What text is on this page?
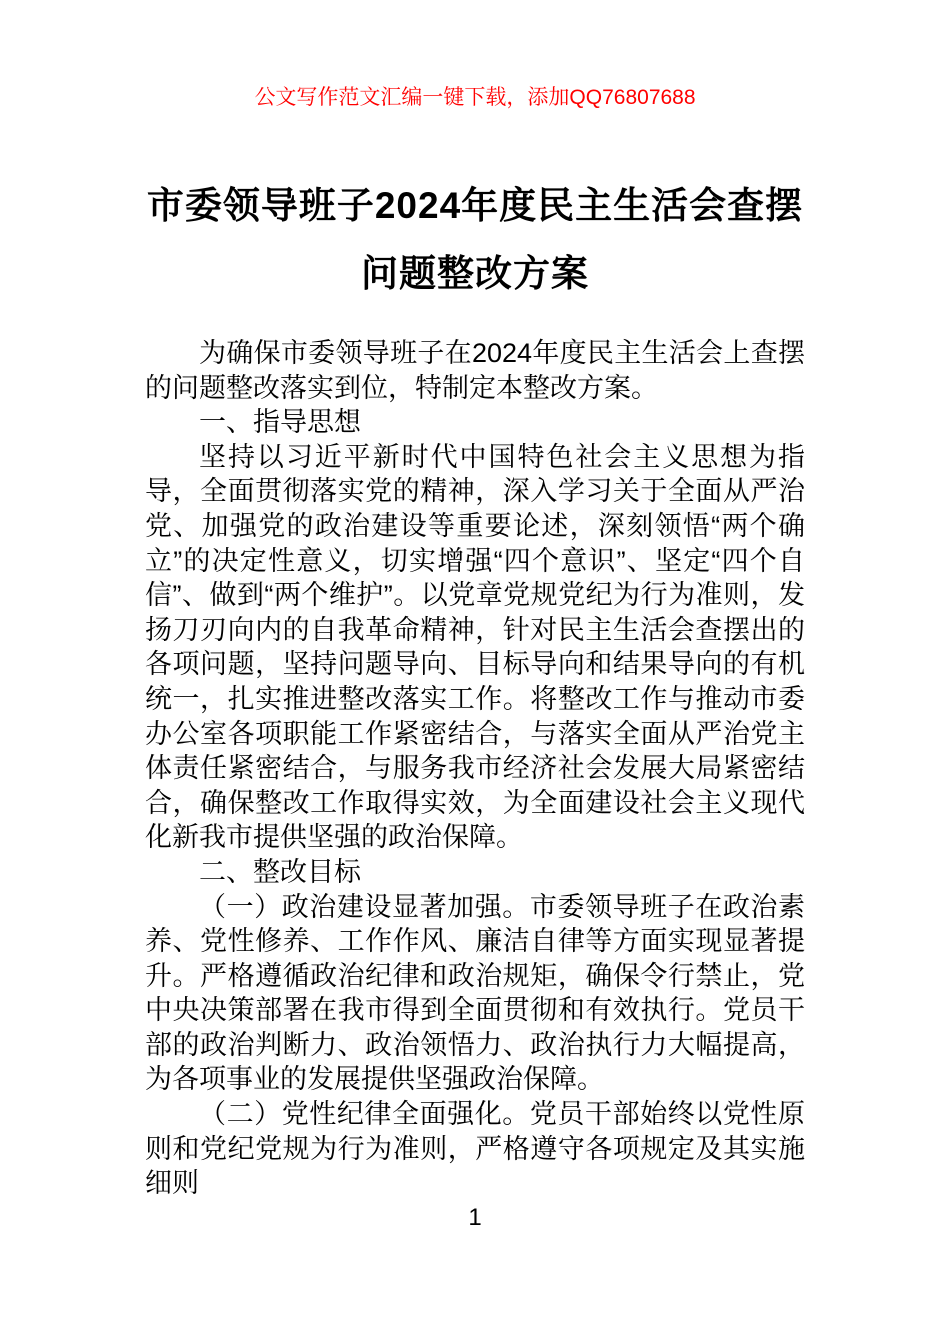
公文写作范文汇编一键下载，添加QQ76807688
市委领导班子2024年度民主生活会查摆问题整改方案

为确保市委领导班子在2024年度民主生活会上查摆的问题整改落实到位，特制定本整改方案。

一、指导思想

坚持以习近平新时代中国特色社会主义思想为指导，全面贯彻落实党的精神，深入学习关于全面从严治党、加强党的政治建设等重要论述，深刻领悟“两个确立”的决定性意义，切实增强“四个意识”、坚定“四个自信”、做到“两个维护”。以党章党规党纪为行为准则，发扬刀刃向内的自我革命精神，针对民主生活会查摆出的各项问题，坚持问题导向、目标导向和结果导向的有机统一，扎实推进整改落实工作。将整改工作与推动市委办公室各项职能工作紧密结合，与落实全面从严治党主体责任紧密结合，与服务我市经济社会发展大局紧密结合，确保整改工作取得实效，为全面建设社会主义现代化新我市提供坚强的政治保障。

二、整改目标

（一）政治建设显著加强。市委领导班子在政治素养、党性修养、工作作风、廉洁自律等方面实现显著提升。严格遵循政治纪律和政治规矩，确保令行禁止，党中央决策部署在我市得到全面贯彻和有效执行。党员干部的政治判断力、政治领悟力、政治执行力大幅提高，为各项事业的发展提供坚强政治保障。

（二）党性纪律全面强化。党员干部始终以党性原则和党纪党规为行为准则，严格遵守各项规定及其实施细则

1
